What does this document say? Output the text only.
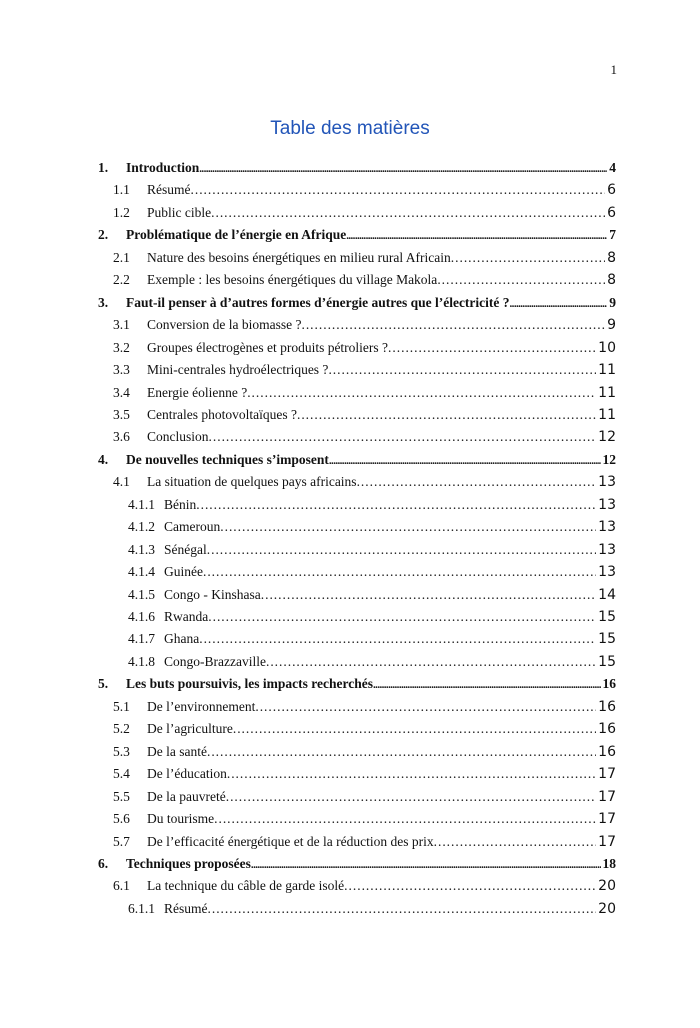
1
Table des matières
1.	Introduction .....	4
1.1	Résumé . . .	6
1.2	Public cible . . .	6
2.	Problématique de l’énergie en Afrique .....	7
2.1	Nature des besoins énergétiques en milieu rural Africain . . .	8
2.2	Exemple : les besoins énergétiques du village Makola . . .	8
3.	Faut-il penser à d’autres formes d’énergie autres que l’électricité ? .....	9
3.1	Conversion de la biomasse ? . . .	9
3.2	Groupes électrogènes et produits pétroliers ? . . .	10
3.3	Mini-centrales hydroélectriques ? . . .	11
3.4	Energie éolienne ? . . .	11
3.5	Centrales photovoltaïques ? . . .	11
3.6	Conclusion . . .	12
4.	De nouvelles techniques s’imposent .....	12
4.1	La situation de quelques pays africains . . .	13
4.1.1 Bénin . . .	13
4.1.2 Cameroun . . .	13
4.1.3 Sénégal . . .	13
4.1.4 Guinée . . .	13
4.1.5 Congo - Kinshasa . . .	14
4.1.6 Rwanda . . .	15
4.1.7 Ghana . . .	15
4.1.8 Congo-Brazzaville . . .	15
5.	Les buts poursuivis, les impacts recherchés .....	16
5.1	De l’environnement . . .	16
5.2	De l’agriculture . . .	16
5.3	De la santé . . .	16
5.4	De l’éducation . . .	17
5.5	De la pauvreté . . .	17
5.6	Du tourisme . . .	17
5.7	De l’efficacité énergétique et de la réduction des prix . . .	17
6.	Techniques proposées .....	18
6.1	La technique du câble de garde isolé . . .	20
6.1.1 Résumé . . .	20
